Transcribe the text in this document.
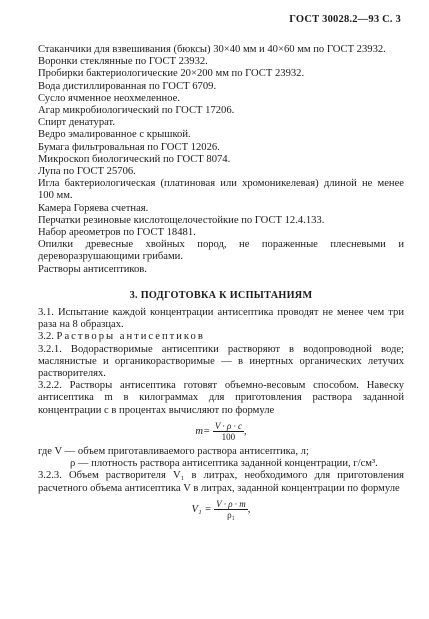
ГОСТ 30028.2—93 С. 3

Стаканчики для взвешивания (бюксы) 30×40 мм и 40×60 мм по ГОСТ 23932.

Воронки стеклянные по ГОСТ 23932.

Пробирки бактериологические 20×200 мм по ГОСТ 23932.

Вода дистиллированная по ГОСТ 6709.

Сусло ячменное неохмеленное.

Агар микробиологический по ГОСТ 17206.

Спирт денатурат.

Ведро эмалированное с крышкой.

Бумага фильтровальная по ГОСТ 12026.

Микроскоп биологический по ГОСТ 8074.

Лупа по ГОСТ 25706.

Игла бактериологическая (платиновая или хромоникелевая) длиной не менее 100 мм.

Камера Горяева счетная.

Перчатки резиновые кислотощелочестойкие по ГОСТ 12.4.133.

Набор ареометров по ГОСТ 18481.

Опилки древесные хвойных пород, не пораженные плесневыми и дереворазрушающими грибами.

Растворы антисептиков.

3. ПОДГОТОВКА К ИСПЫТАНИЯМ

3.1. Испытание каждой концентрации антисептика проводят не менее чем три раза на 8 образцах.

3.2. Растворы антисептиков

3.2.1. Водорастворимые антисептики растворяют в водопроводной воде; маслянистые и органикорастворимые — в инертных органических летучих растворителях.

3.2.2. Растворы антисептика готовят объемно-весовым способом. Навеску антисептика m в килограммах для приготовления раствора заданной концентрации c в процентах вычисляют по формуле

$m= \frac{V \cdot \rho \cdot c}{100}$ ,

где V — объем приготавливаемого раствора антисептика, л;

ρ — плотность раствора антисептика заданной концентрации, г/см³.

3.2.3. Объем растворителя V₁ в литрах, необходимого для приготовления расчетного объема антисептика V в литрах, заданной концентрации по формуле

$V_1 = \frac{V \cdot \rho \cdot m}{\text{ρ₁}}$ ,
